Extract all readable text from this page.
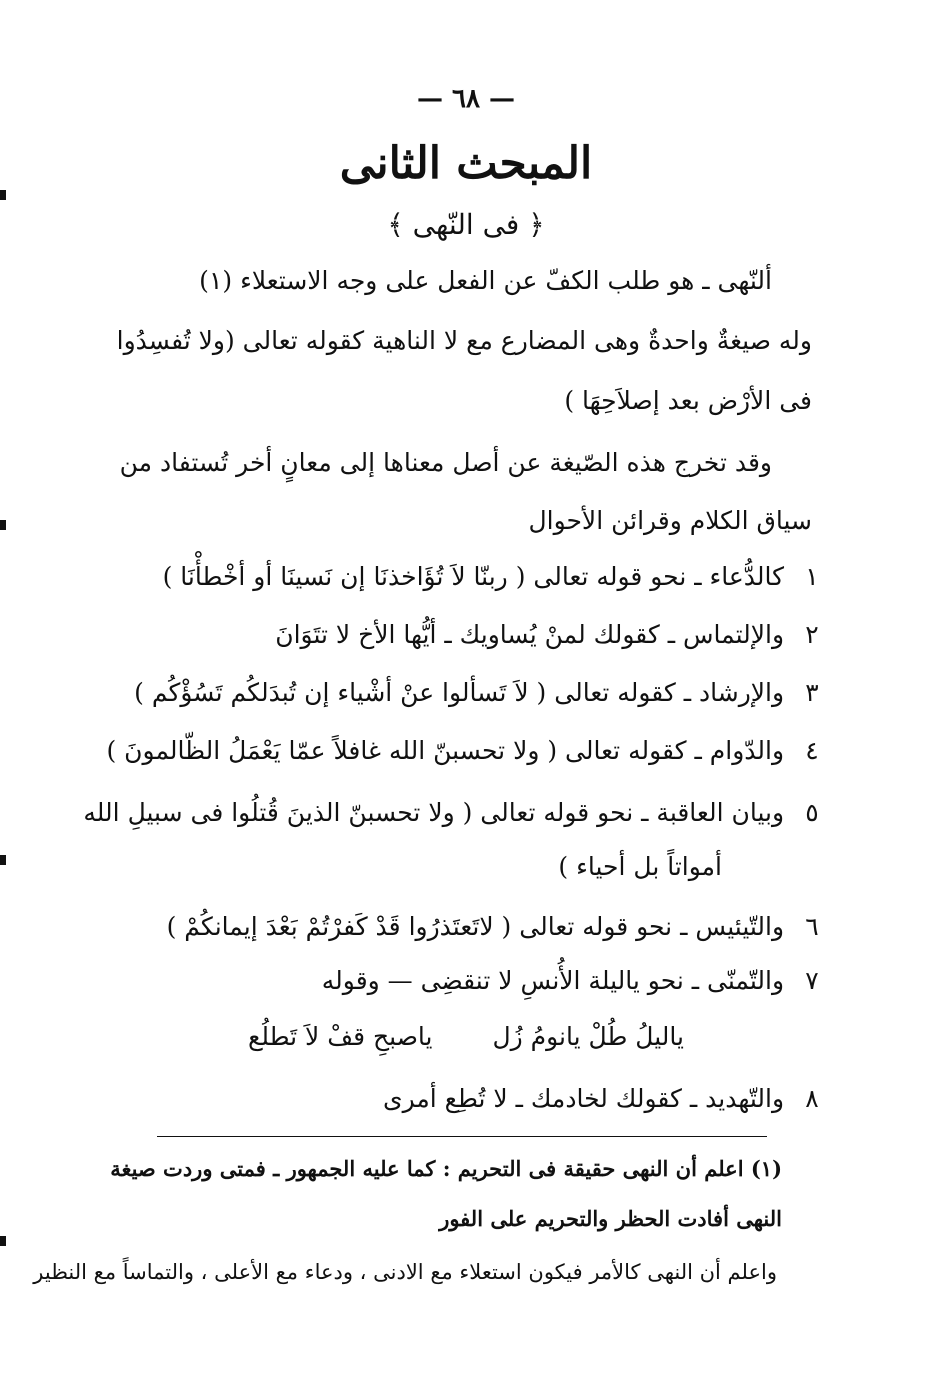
— ٦٨ —
المبحث الثانى
﴿ فى النّهى ﴾
ألنّهى ـ هو طلب الكفّ عن الفعل على وجه الاستعلاء (١)
وله صيغةٌ واحدةٌ وهى المضارع مع لا الناهية كقوله تعالى (ولا تُفسِدُوا
فى الأرْض بعد إصلاَحِهَا )
وقد تخرج هذه الصّيغة عن أصل معناها إلى معانٍ أخر تُستفاد من
سياق الكلام وقرائن الأحوال
١ كالدُّعاء ـ نحو قوله تعالى ( ربنّا لاَ تُؤَاخذنَا إن نَسينَا أو أخْطأْنَا )
٢ والإلتماس ـ كقولك لمنْ يُساويك ـ أيُّها الأخ لا تتَوَانَ
٣ والإرشاد ـ كقوله تعالى ( لاَ تَسألوا عنْ أشْياء إن تُبدَلكُم تَسُؤْكُم )
٤ والدّوام ـ كقوله تعالى ( ولا تحسبنّ الله غافلاً عمّا يَعْمَلُ الظّالمونَ )
٥ وبيان العاقبة ـ نحو قوله تعالى ( ولا تحسبنّ الذينَ قُتلُوا فى سبيلِ الله
أمواتاً بل أحياء )
٦ والتّيئيس ـ نحو قوله تعالى ( لاتَعتَذرُوا قَدْ كَفرْتُمْ بَعْدَ إيمانكُمْ )
٧ والتّمنّى ـ نحو ياليلة الأُنسِ لا تنقضِى — وقوله
ياليلُ طُلْ يانومُ زُل ياصبحِ قفْ لاَ تَطلُع
٨ والتّهديد ـ كقولك لخادمك ـ لا تُطِع أمرى
(١) اعلم أن النهى حقيقة فى التحريم : كما عليه الجمهور ـ فمتى وردت صيغة
النهى أفادت الحظر والتحريم على الفور
واعلم أن النهى كالأمر فيكون استعلاء مع الادنى ، ودعاء مع الأعلى ، والتماساً مع النظير
